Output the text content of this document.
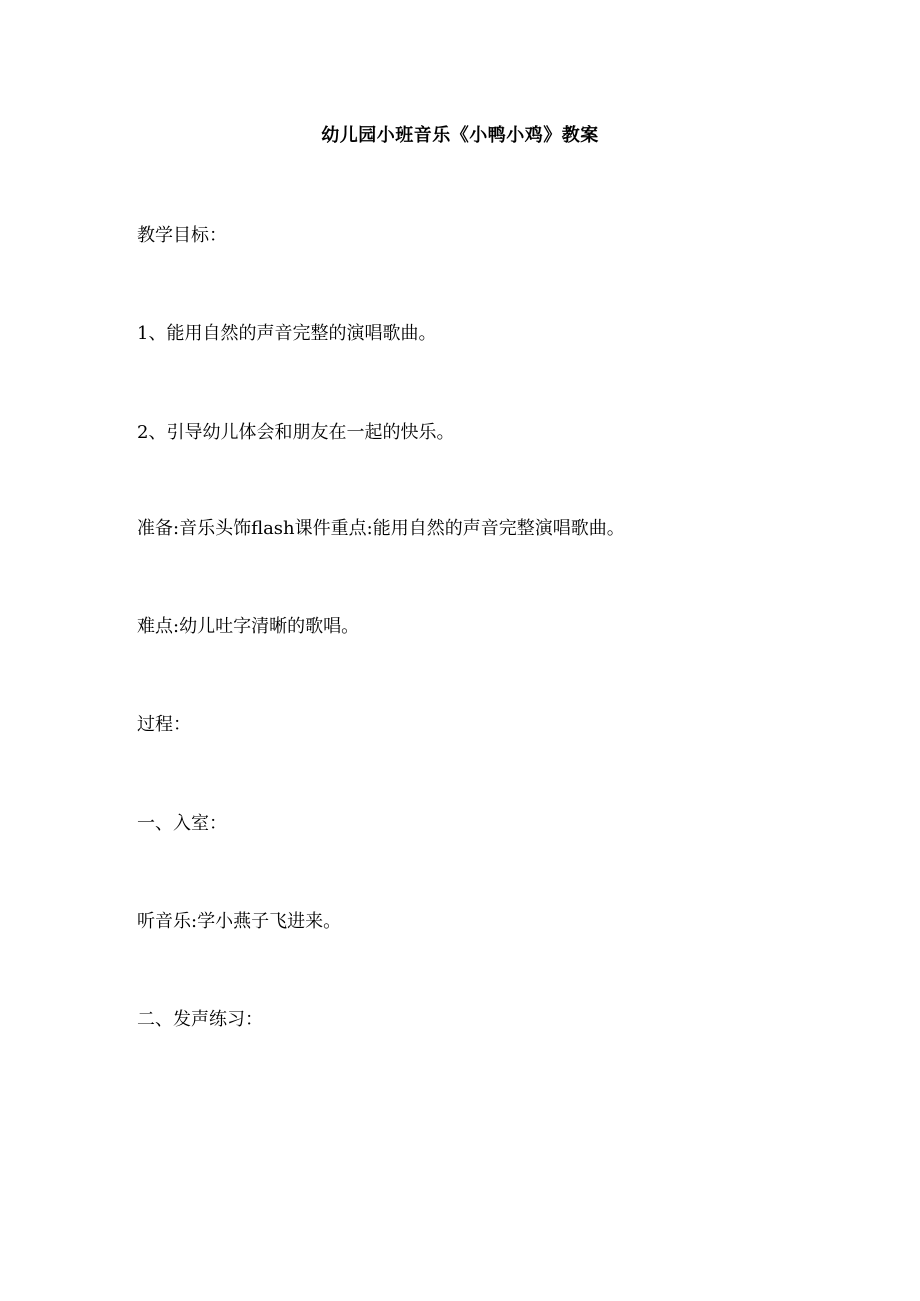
幼儿园小班音乐《小鸭小鸡》教案
教学目标：
1、能用自然的声音完整的演唱歌曲。
2、引导幼儿体会和朋友在一起的快乐。
准备:音乐头饰flash课件重点:能用自然的声音完整演唱歌曲。
难点:幼儿吐字清晰的歌唱。
过程：
一、入室：
听音乐:学小燕子飞进来。
二、发声练习：
